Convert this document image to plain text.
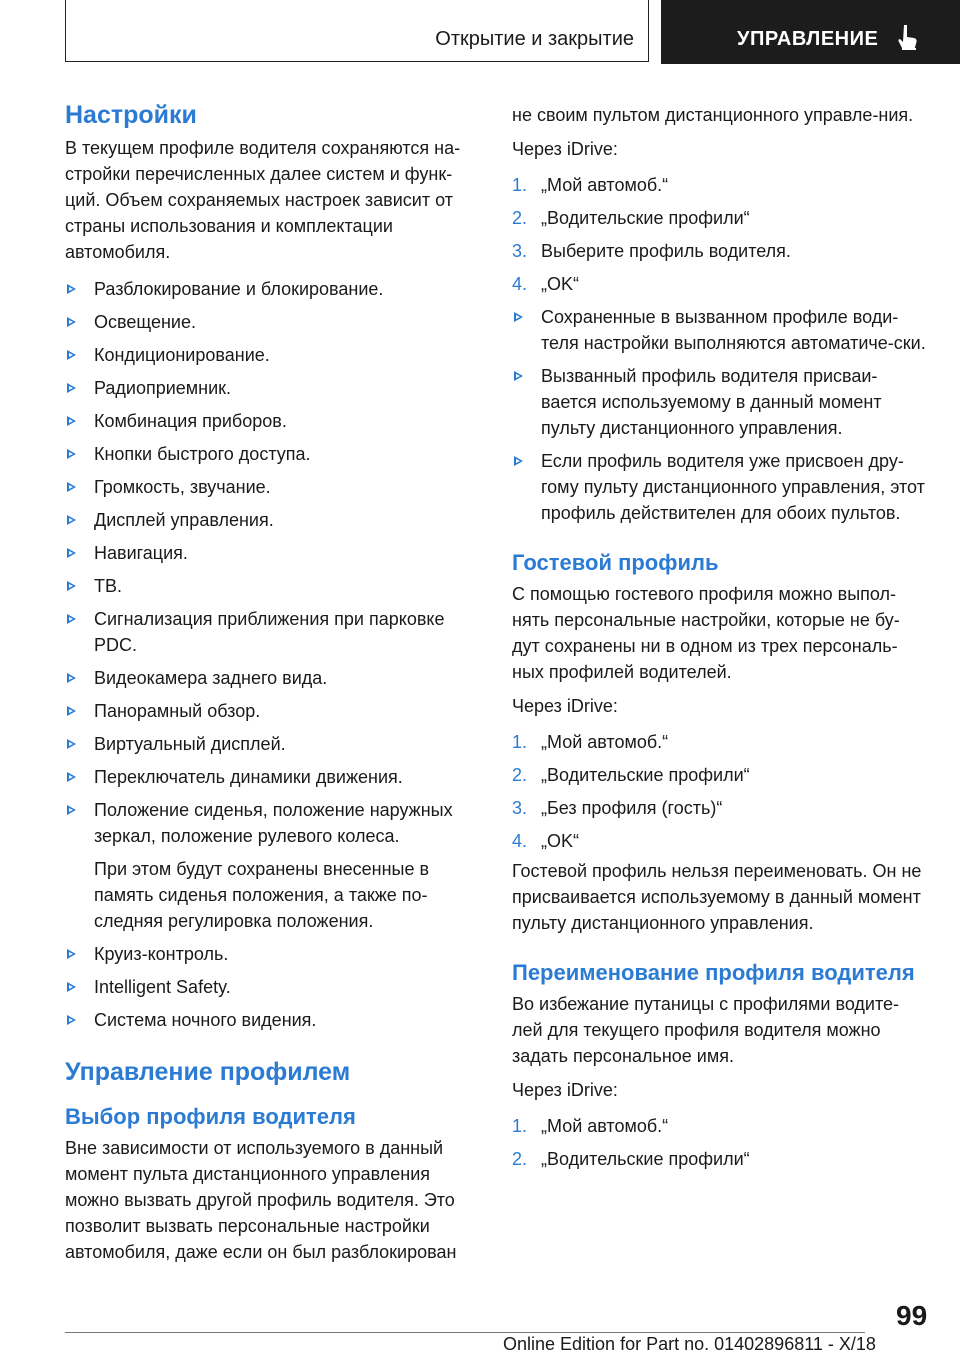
Открытие и закрытие	УПРАВЛЕНИЕ
Настройки

В текущем профиле водителя сохраняются на-стройки перечисленных далее систем и функ-ций. Объем сохраняемых настроек зависит от страны использования и комплектации автомобиля.

Разблокирование и блокирование.
Освещение.
Кондиционирование.
Радиоприемник.
Комбинация приборов.
Кнопки быстрого доступа.
Громкость, звучание.
Дисплей управления.
Навигация.
ТВ.
Сигнализация приближения при парковке PDC.
Видеокамера заднего вида.
Панорамный обзор.
Виртуальный дисплей.
Переключатель динамики движения.
Положение сиденья, положение наружных зеркал, положение рулевого колеса.
При этом будут сохранены внесенные в память сиденья положения, а также по-следняя регулировка положения.
Круиз-контроль.
Intelligent Safety.
Система ночного видения.
Управление профилем
Выбор профиля водителя

Вне зависимости от используемого в данный момент пульта дистанционного управления можно вызвать другой профиль водителя. Это позволит вызвать персональные настройки автомобиля, даже если он был разблокирован

не своим пультом дистанционного управле-ния.

Через iDrive:

1. „Мой автомоб.“
2. „Водительские профили“
3. Выберите профиль водителя.
4. „OK“
Сохраненные в вызванном профиле води-теля настройки выполняются автоматиче-ски.
Вызванный профиль водителя присваи-вается используемому в данный момент пульту дистанционного управления.
Если профиль водителя уже присвоен дру-гому пульту дистанционного управления, этот профиль действителен для обоих пультов.
Гостевой профиль

С помощью гостевого профиля можно выпол-нять персональные настройки, которые не бу-дут сохранены ни в одном из трех персональ-ных профилей водителей.

Через iDrive:

1. „Мой автомоб.“
2. „Водительские профили“
3. „Без профиля (гость)“
4. „OK“

Гостевой профиль нельзя переименовать. Он не присваивается используемому в данный момент пульту дистанционного управления.

Переименование профиля водителя

Во избежание путаницы с профилями водите-лей для текущего профиля водителя можно задать персональное имя.

Через iDrive:

1. „Мой автомоб.“
2. „Водительские профили“
99
Online Edition for Part no. 01402896811 - X/18
